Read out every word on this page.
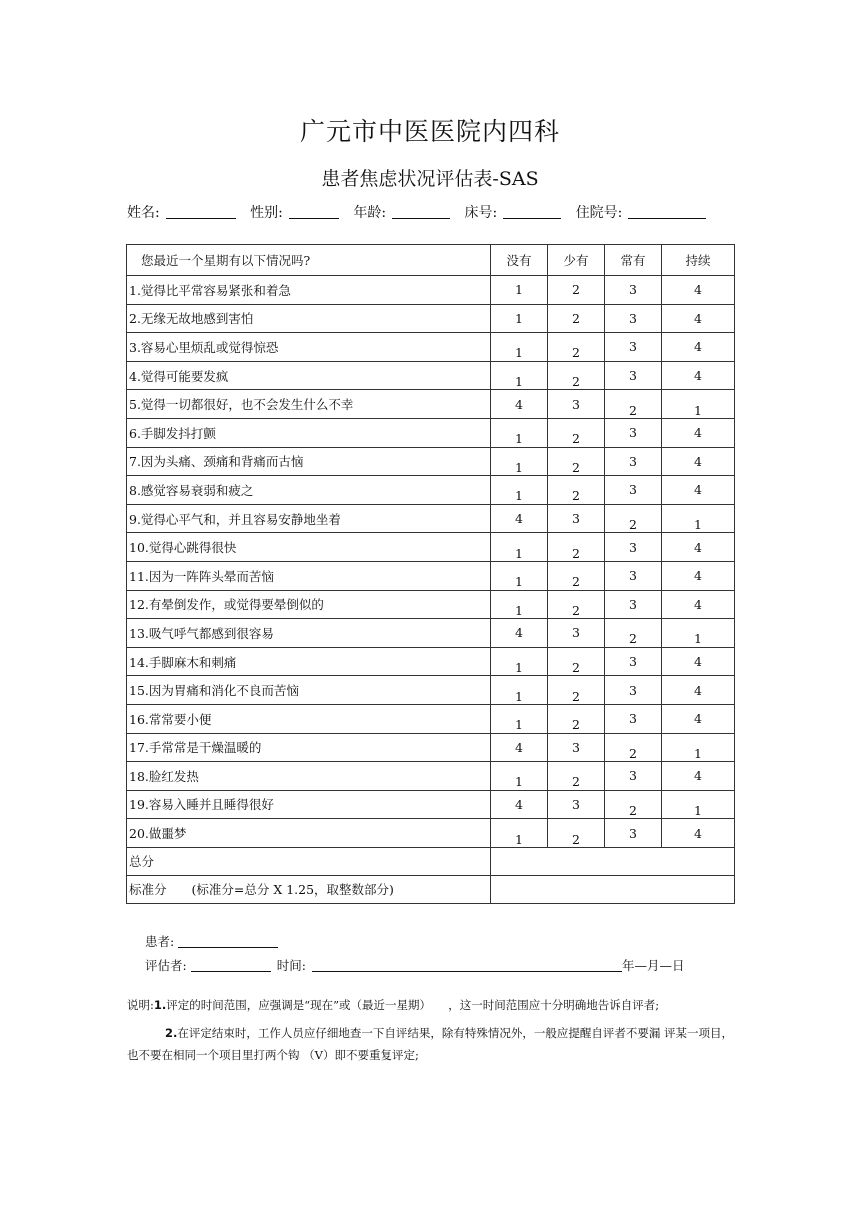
广元市中医医院内四科
患者焦虑状况评估表-SAS
姓名:	性别:	年龄:	床号:	住院号:
您最近一个星期有以下情况吗?	没有	少有	常有	持续
1.觉得比平常容易紧张和着急	1	2	3	4
2.无缘无故地感到害怕	1	2	3	4
3.容易心里烦乱或觉得惊恐	1	2	3	4
4.觉得可能要发疯	1	2	3	4
5.觉得一切都很好，也不会发生什么不幸	4	3	2	1
6.手脚发抖打颤	1	2	3	4
7.因为头痛、颈痛和背痛而古恼	1	2	3	4
8.感觉容易衰弱和疲之	1	2	3	4
9.觉得心平气和，并且容易安静地坐着	4	3	2	1
10.觉得心跳得很快	1	2	3	4
11.因为一阵阵头晕而苦恼	1	2	3	4
12.有晕倒发作，或觉得要晕倒似的	1	2	3	4
13.吸气呼气都感到很容易	4	3	2	1
14.手脚麻木和刺痛	1	2	3	4
15.因为胃痛和消化不良而苦恼	1	2	3	4
16.常常要小便	1	2	3	4
17.手常常是干燥温暖的	4	3	2	1
18.脸红发热	1	2	3	4
19.容易入睡并且睡得很好	4	3	2	1
20.做噩梦	1	2	3	4
总分				
标准分　　(标准分=总分 X 1.25，取整数部分)				
患者:
评估者:	时间:	年—月—日
说明:1.评定的时间范围，应强调是“现在”或（最近一星期）　　，这一时间范围应十分明确地告诉自评者;
2.在评定结束时，工作人员应仔细地查一下自评结果，除有特殊情况外，一般应提醒自评者不要漏 评某一项目，也不要在相同一个项目里打两个钩 （V）即不要重复评定;
